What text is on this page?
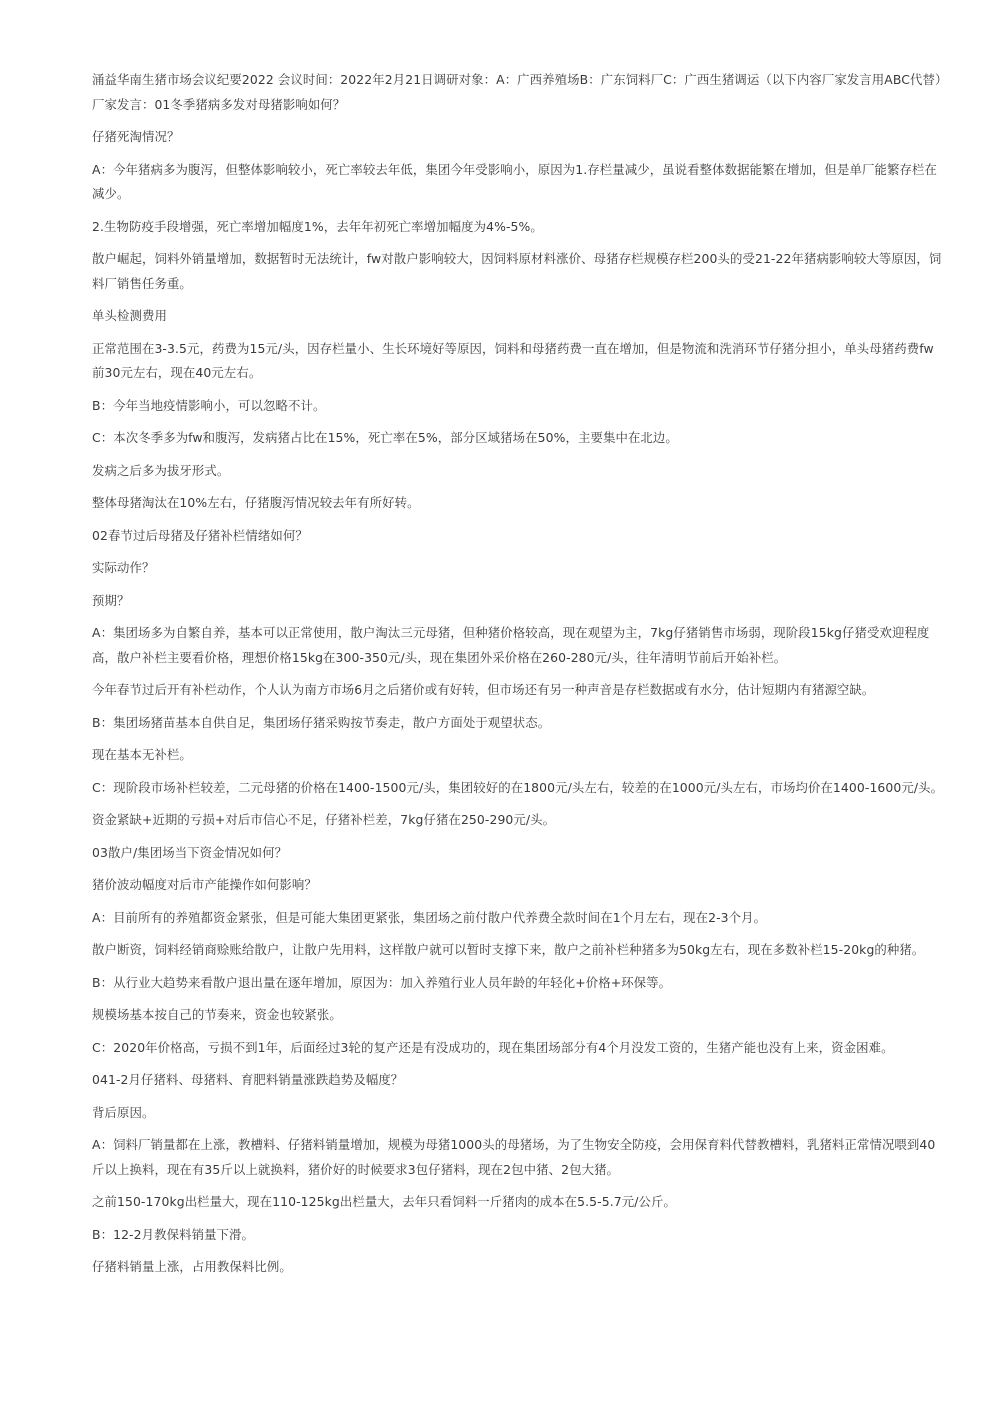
涌益华南生猪市场会议纪要2022 会议时间：2022年2月21日调研对象：A：广西养殖场B：广东饲料厂C：广西生猪调运（以下内容厂家发言用ABC代替）厂家发言：01冬季猪病多发对母猪影响如何？

仔猪死淘情况？

A：今年猪病多为腹泻，但整体影响较小，死亡率较去年低，集团今年受影响小，原因为1.存栏量减少，虽说看整体数据能繁在增加，但是单厂能繁存栏在减少。

2.生物防疫手段增强，死亡率增加幅度1%，去年年初死亡率增加幅度为4%-5%。

散户崛起，饲料外销量增加，数据暂时无法统计，fw对散户影响较大，因饲料原材料涨价、母猪存栏规模存栏200头的受21-22年猪病影响较大等原因，饲料厂销售任务重。

单头检测费用

正常范围在3-3.5元，药费为15元/头，因存栏量小、生长环境好等原因，饲料和母猪药费一直在增加，但是物流和洗消环节仔猪分担小，单头母猪药费fw前30元左右，现在40元左右。

B：今年当地疫情影响小，可以忽略不计。

C：本次冬季多为fw和腹泻，发病猪占比在15%，死亡率在5%，部分区域猪场在50%，主要集中在北边。

发病之后多为拔牙形式。

整体母猪淘汰在10%左右，仔猪腹泻情况较去年有所好转。

02春节过后母猪及仔猪补栏情绪如何？

实际动作？

预期？

A：集团场多为自繁自养，基本可以正常使用，散户淘汰三元母猪，但种猪价格较高，现在观望为主，7kg仔猪销售市场弱，现阶段15kg仔猪受欢迎程度高，散户补栏主要看价格，理想价格15kg在300-350元/头，现在集团外采价格在260-280元/头，往年清明节前后开始补栏。

今年春节过后开有补栏动作，个人认为南方市场6月之后猪价或有好转，但市场还有另一种声音是存栏数据或有水分，估计短期内有猪源空缺。

B：集团场猪苗基本自供自足，集团场仔猪采购按节奏走，散户方面处于观望状态。

现在基本无补栏。

C：现阶段市场补栏较差，二元母猪的价格在1400-1500元/头，集团较好的在1800元/头左右，较差的在1000元/头左右，市场均价在1400-1600元/头。

资金紧缺+近期的亏损+对后市信心不足，仔猪补栏差，7kg仔猪在250-290元/头。

03散户/集团场当下资金情况如何？

猪价波动幅度对后市产能操作如何影响？

A：目前所有的养殖都资金紧张，但是可能大集团更紧张，集团场之前付散户代养费全款时间在1个月左右，现在2-3个月。

散户断资，饲料经销商赊账给散户，让散户先用料，这样散户就可以暂时支撑下来，散户之前补栏种猪多为50kg左右，现在多数补栏15-20kg的种猪。

B：从行业大趋势来看散户退出量在逐年增加，原因为：加入养殖行业人员年龄的年轻化+价格+环保等。

规模场基本按自己的节奏来，资金也较紧张。

C：2020年价格高，亏损不到1年，后面经过3轮的复产还是有没成功的，现在集团场部分有4个月没发工资的，生猪产能也没有上来，资金困难。

041-2月仔猪料、母猪料、育肥料销量涨跌趋势及幅度？

背后原因。

A：饲料厂销量都在上涨，教槽料、仔猪料销量增加，规模为母猪1000头的母猪场，为了生物安全防疫，会用保育料代替教槽料，乳猪料正常情况喂到40斤以上换料，现在有35斤以上就换料，猪价好的时候要求3包仔猪料，现在2包中猪、2包大猪。

之前150-170kg出栏量大，现在110-125kg出栏量大，去年只看饲料一斤猪肉的成本在5.5-5.7元/公斤。

B：12-2月教保料销量下滑。

仔猪料销量上涨，占用教保料比例。
